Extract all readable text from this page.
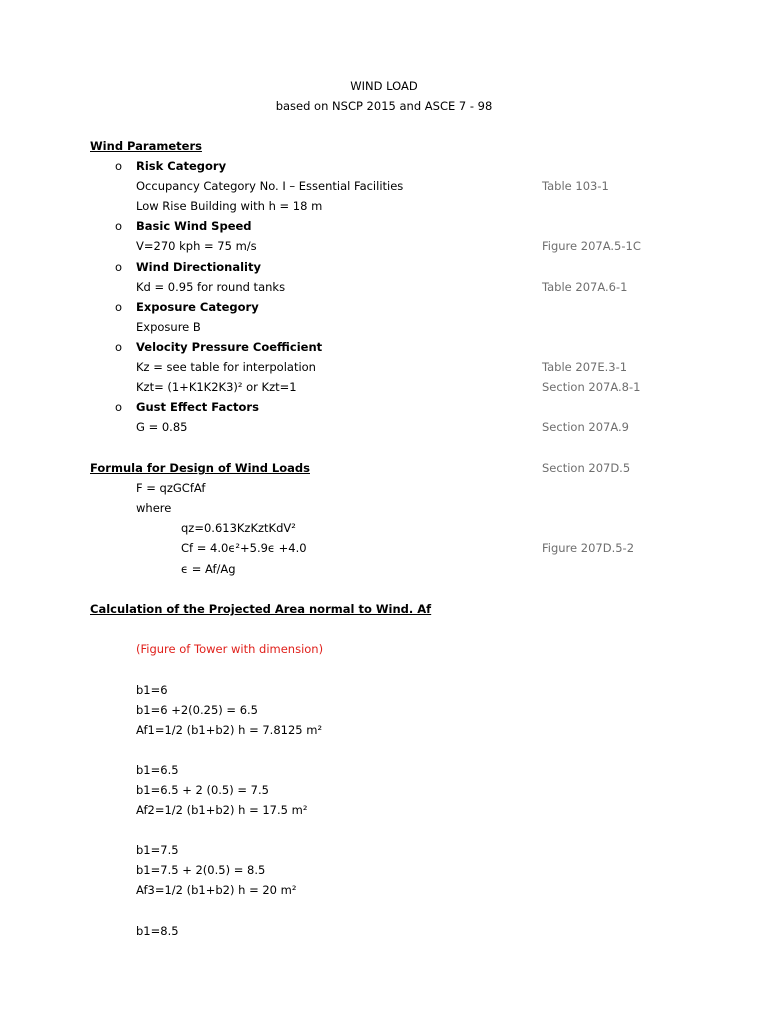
WIND LOAD
based on NSCP 2015 and ASCE 7 - 98
Wind Parameters
o Risk Category
Occupancy Category No. I – Essential Facilities	Table 103-1
Low Rise Building with h = 18 m
o Basic Wind Speed
V=270 kph = 75 m/s	Figure 207A.5-1C
o Wind Directionality
Kd = 0.95 for round tanks	Table 207A.6-1
o Exposure Category
Exposure B
o Velocity Pressure Coefficient
Kz = see table for interpolation	Table 207E.3-1
Kzt= (1+K1K2K3)² or Kzt=1	Section 207A.8-1
o Gust Effect Factors
G = 0.85	Section 207A.9
Formula for Design of Wind Loads	Section 207D.5
F = qzGCfAf
where
qz=0.613KzKztKdV²
Cf = 4.0ϵ²+5.9ϵ +4.0	Figure 207D.5-2
ϵ = Af/Ag
Calculation of the Projected Area normal to Wind. Af
(Figure of Tower with dimension)
b1=6
b1=6 +2(0.25) = 6.5
Af1=1/2 (b1+b2) h = 7.8125 m²
b1=6.5
b1=6.5 + 2 (0.5) = 7.5
Af2=1/2 (b1+b2) h = 17.5 m²
b1=7.5
b1=7.5 + 2(0.5) = 8.5
Af3=1/2 (b1+b2) h = 20 m²
b1=8.5
